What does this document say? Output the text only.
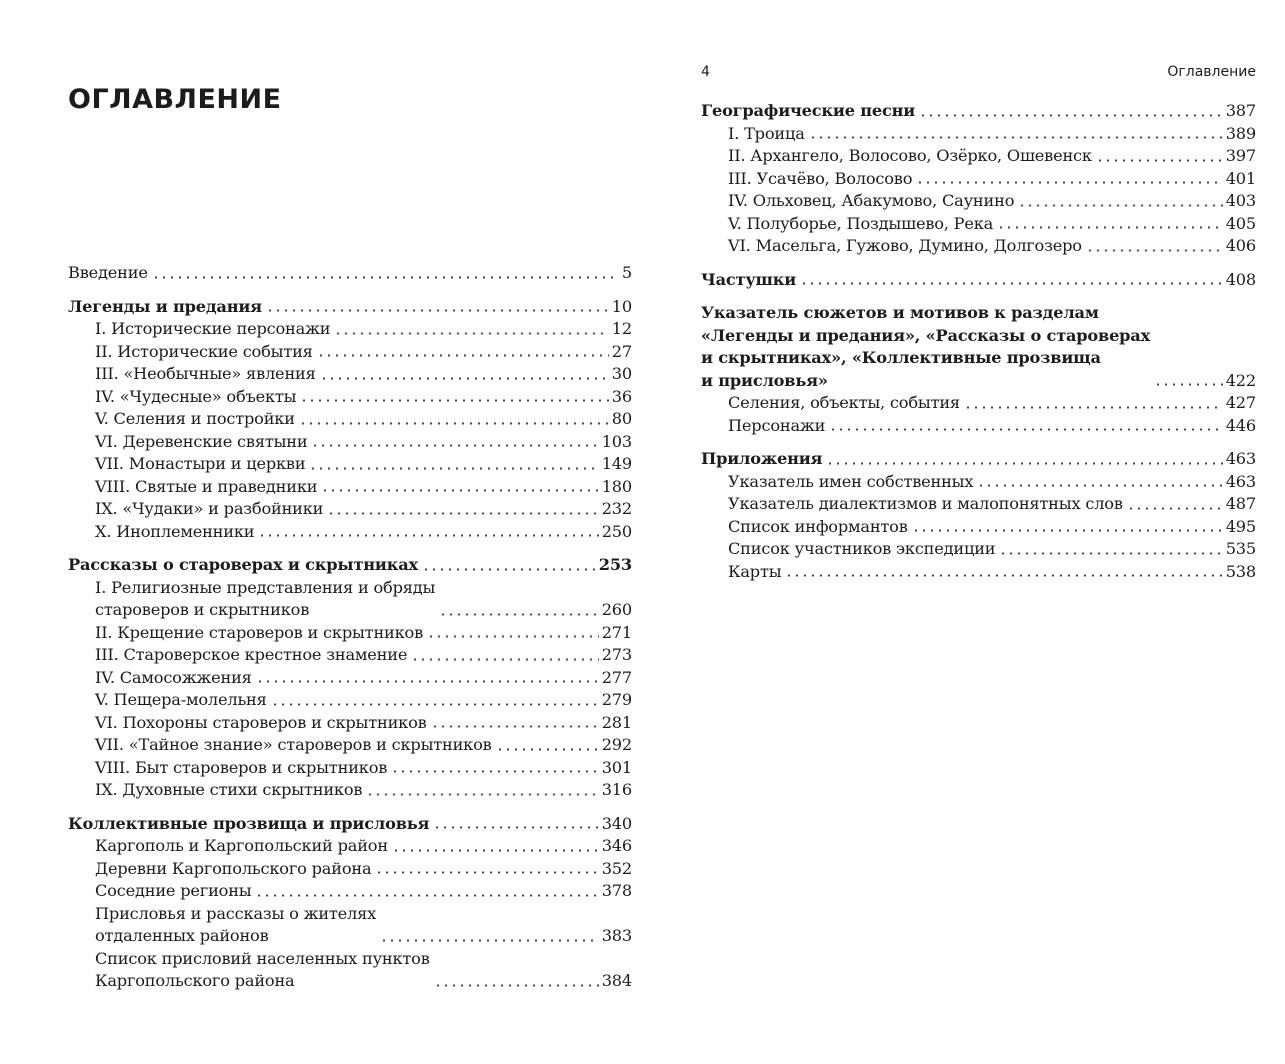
ОГЛАВЛЕНИЕ
Введение	5
Легенды и предания	10
I. Исторические персонажи	12
II. Исторические события	27
III. «Необычные» явления	30
IV. «Чудесные» объекты	36
V. Селения и постройки	80
VI. Деревенские святыни	103
VII. Монастыри и церкви	149
VIII. Святые и праведники	180
IX. «Чудаки» и разбойники	232
X. Иноплеменники	250
Рассказы о староверах и скрытниках	253
I. Религиозные представления и обряды
староверов и скрытников	260
II. Крещение староверов и скрытников	271
III. Староверское крестное знамение	273
IV. Самосожжения	277
V. Пещера-молельня	279
VI. Похороны староверов и скрытников	281
VII. «Тайное знание» староверов и скрытников	292
VIII. Быт староверов и скрытников	301
IX. Духовные стихи скрытников	316
Коллективные прозвища и присловья	340
Каргополь и Каргопольский район	346
Деревни Каргопольского района	352
Соседние регионы	378
Присловья и рассказы о жителях
отдаленных районов	383
Список присловий населенных пунктов
Каргопольского района	384
4	Оглавление
Географические песни	387
I. Троица	389
II. Архангело, Волосово, Озёрко, Ошевенск	397
III. Усачёво, Волосово	401
IV. Ольховец, Абакумово, Саунино	403
V. Полуборье, Поздышево, Река	405
VI. Масельга, Гужово, Думино, Долгозеро	406
Частушки	408
Указатель сюжетов и мотивов к разделам
«Легенды и предания», «Рассказы о староверах
и скрытниках», «Коллективные прозвища
и присловья»	422
Селения, объекты, события	427
Персонажи	446
Приложения	463
Указатель имен собственных	463
Указатель диалектизмов и малопонятных слов	487
Список информантов	495
Список участников экспедиции	535
Карты	538
